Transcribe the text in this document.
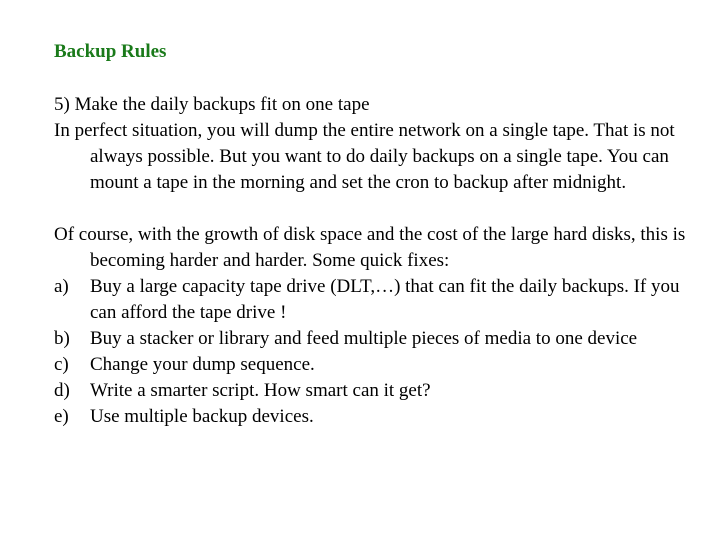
Backup Rules

5) Make the daily backups fit on one tape

In perfect situation, you will dump the entire network on a single tape. That is not always possible. But you want to do daily backups on a single tape. You can mount a tape in the morning and set the cron to backup after midnight.

Of course, with the growth of disk space and the cost of the large hard disks, this is becoming harder and harder. Some quick fixes:

a)	Buy a large capacity tape drive (DLT,…) that can fit the daily backups. If you can afford the tape drive !
b)	Buy a stacker or library and feed multiple pieces of media to one device
c)	Change your dump sequence.
d)	Write a smarter script. How smart can it get?
e)	Use multiple backup devices.
